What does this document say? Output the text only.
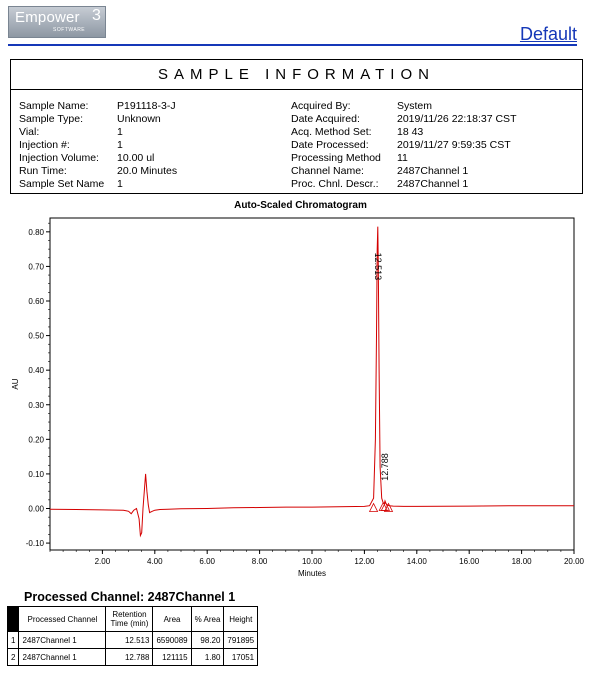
Empower 3
SOFTWARE	Default
SAMPLE INFORMATION
Sample Name:	P191118-3-J
Sample Type:	Unknown
Vial:	1
Injection #:	1
Injection Volume:	10.00 ul
Run Time:	20.0 Minutes
Sample Set Name	1
Acquired By:	System
Date Acquired:	2019/11/26 22:18:37 CST
Acq. Method Set:	18 43
Date Processed:	2019/11/27 9:59:35 CST
Processing Method	11
Channel Name:	2487Channel 1
Proc. Chnl. Descr.:	2487Channel 1
Auto-Scaled Chromatogram
-0.10
0.00
0.10
0.20
0.30
0.40
0.50
0.60
0.70
0.80
2.00	4.00	6.00	8.00	10.00	12.00	14.00	16.00	18.00	20.00
Minutes
AU
12.513
12.788
Processed Channel: 2487Channel 1
	Processed Channel	Retention Time (min)	Area	% Area	Height
1	2487Channel 1	12.513	6590089	98.20	791895
2	2487Channel 1	12.788	121115	1.80	17051
